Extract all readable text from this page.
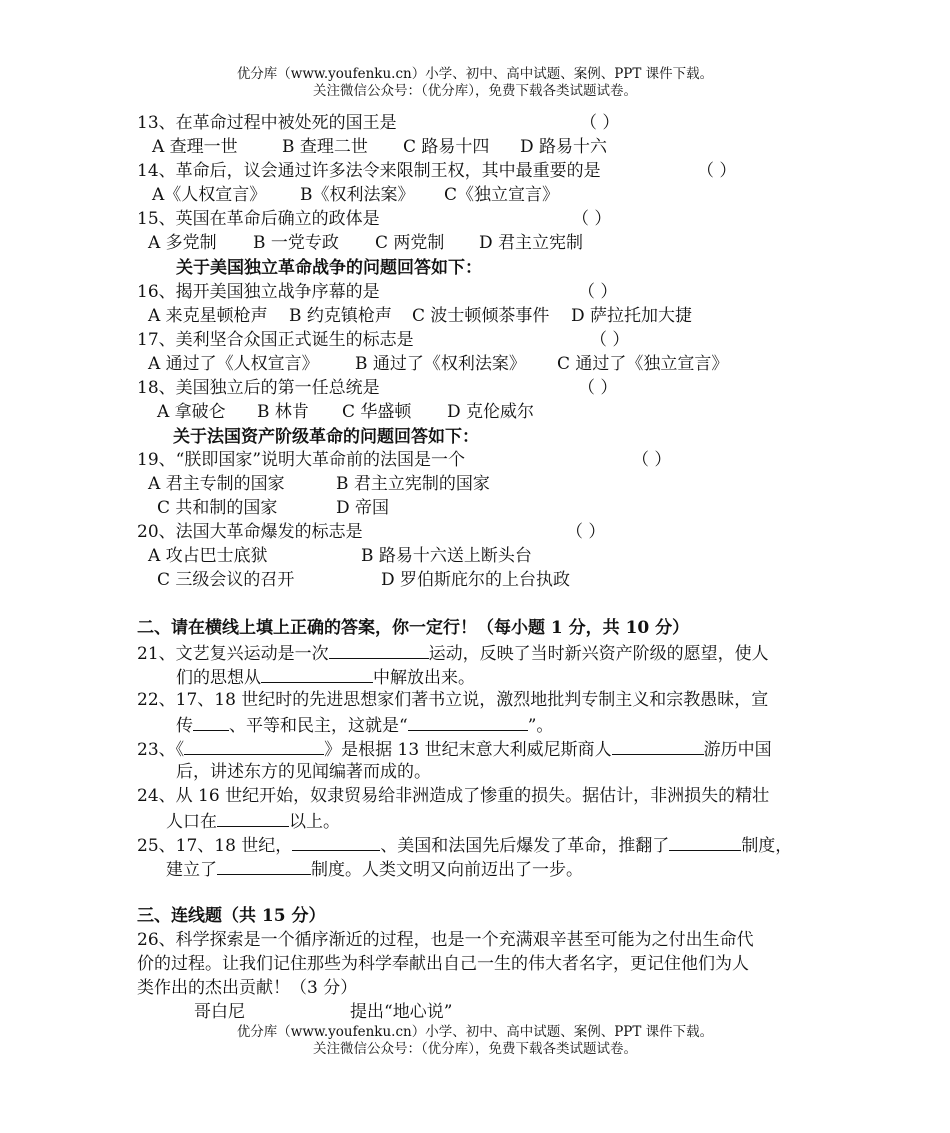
优分库（www.youfenku.cn）小学、初中、高中试题、案例、PPT 课件下载。
关注微信公众号：（优分库），免费下载各类试题试卷。
13、在革命过程中被处死的国王是	（ ）
A 查理一世	B 查理二世 C 路易十四 D 路易十六
14、革命后，议会通过许多法令来限制王权，其中最重要的是	（ ）
A《人权宣言》 B《权利法案》 C《独立宣言》
15、英国在革命后确立的政体是	（ ）
A 多党制 B 一党专政 C 两党制 D 君主立宪制
关于美国独立革命战争的问题回答如下：
16、揭开美国独立战争序幕的是	（ ）
A 来克星顿枪声 B 约克镇枪声 C 波士顿倾茶事件 D 萨拉托加大捷
17、美利坚合众国正式诞生的标志是	（ ）
A 通过了《人权宣言》 B 通过了《权利法案》 C 通过了《独立宣言》
18、美国独立后的第一任总统是	（ ）
A 拿破仑 B 林肯 C 华盛顿 D 克伦威尔
关于法国资产阶级革命的问题回答如下：
19、“朕即国家”说明大革命前的法国是一个	（ ）
A 君主专制的国家	B 君主立宪制的国家
C 共和制的国家	D 帝国
20、法国大革命爆发的标志是	（ ）
A 攻占巴士底狱	B 路易十六送上断头台
C 三级会议的召开	D 罗伯斯庇尔的上台执政
二、请在横线上填上正确的答案，你一定行！（每小题 1 分，共 10 分）
21、文艺复兴运动是一次	运动，反映了当时新兴资产阶级的愿望，使人
们的思想从	中解放出来。
22、17、18 世纪时的先进思想家们著书立说，激烈地批判专制主义和宗教愚昧，宣
传 、平等和民主，这就是“	”。
23、《	》是根据 13 世纪末意大利威尼斯商人	游历中国
后，讲述东方的见闻编著而成的。
24、从 16 世纪开始，奴隶贸易给非洲造成了惨重的损失。据估计，非洲损失的精壮
人口在	以上。
25、17、18 世纪，	、美国和法国先后爆发了革命，推翻了	制度，
建立了	制度。人类文明又向前迈出了一步。
三、连线题（共 15 分）
26、科学探索是一个循序渐近的过程，也是一个充满艰辛甚至可能为之付出生命代
价的过程。让我们记住那些为科学奉献出自己一生的伟大者名字，更记住他们为人
类作出的杰出贡献！（3 分）
哥白尼	提出“地心说”
优分库（www.youfenku.cn）小学、初中、高中试题、案例、PPT 课件下载。
关注微信公众号：（优分库），免费下载各类试题试卷。
